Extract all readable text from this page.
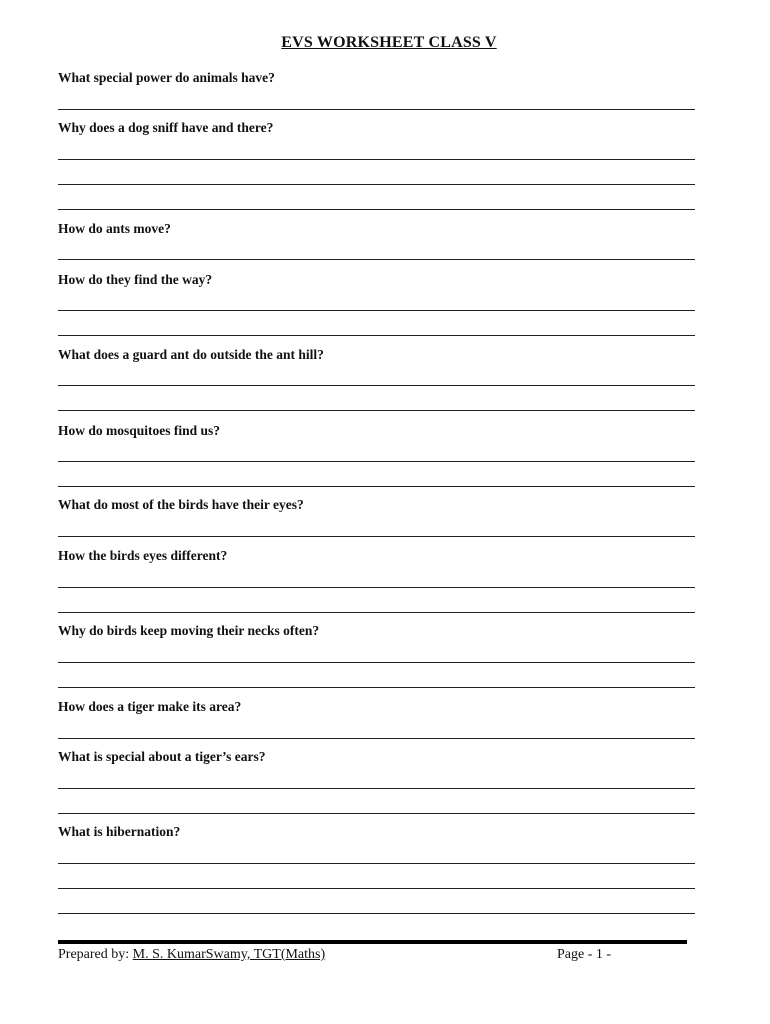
EVS WORKSHEET CLASS V
What special power do animals have?
Why does a dog sniff have and there?
How do ants move?
How do they find the way?
What does a guard ant do outside the ant hill?
How do mosquitoes find us?
What do most of the birds have their eyes?
How the birds eyes different?
Why do birds keep moving their necks often?
How does a tiger make its area?
What is special about a tiger’s ears?
What is hibernation?
Prepared by: M. S. KumarSwamy, TGT(Maths)	Page - 1 -
